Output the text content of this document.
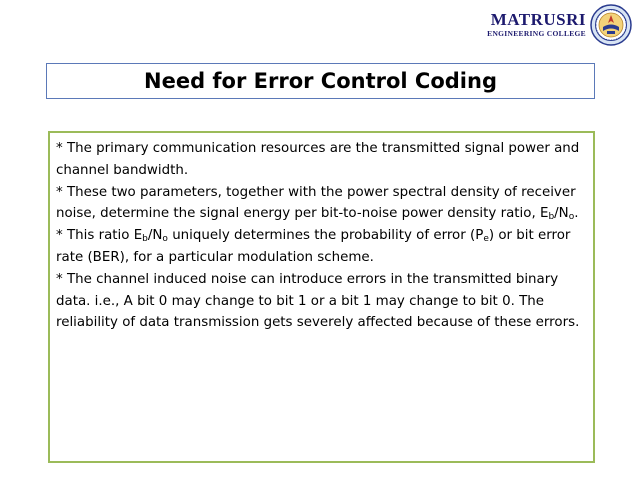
MATRUSRI
ENGINEERING COLLEGE
Need for Error Control Coding

* The primary communication resources are the transmitted signal power and channel bandwidth.

* These two parameters, together with the power spectral density of receiver noise, determine the signal energy per bit-to-noise power density ratio, $E_b/N_o$.

* This ratio $E_b/N_o$ uniquely determines the probability of error $(P_e)$ or bit error rate (BER), for a particular modulation scheme.

* The channel induced noise can introduce errors in the transmitted binary data. i.e., A bit 0 may change to bit 1 or a bit 1 may change to bit 0. The reliability of data transmission gets severely affected because of these errors.
